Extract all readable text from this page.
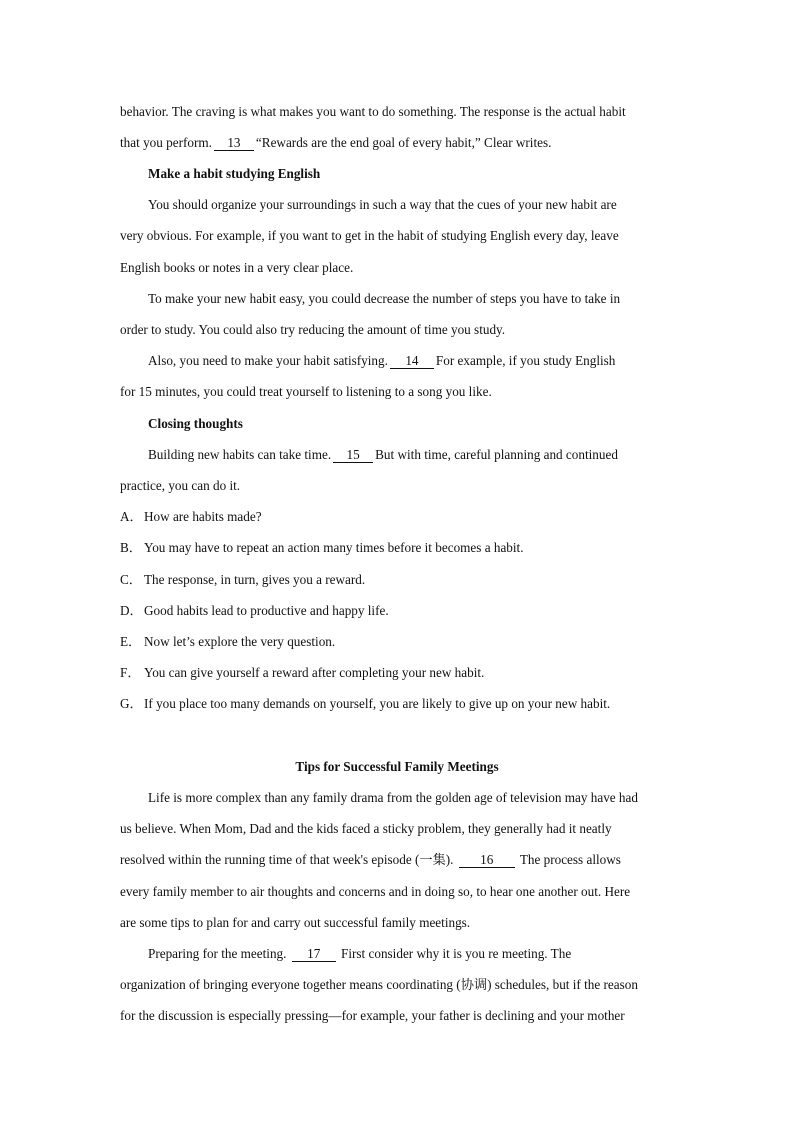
behavior. The craving is what makes you want to do something. The response is the actual habit
that you perform. 13 “Rewards are the end goal of every habit,” Clear writes.
Make a habit studying English
You should organize your surroundings in such a way that the cues of your new habit are
very obvious. For example, if you want to get in the habit of studying English every day, leave
English books or notes in a very clear place.
To make your new habit easy, you could decrease the number of steps you have to take in
order to study. You could also try reducing the amount of time you study.
Also, you need to make your habit satisfying. 14 For example, if you study English
for 15 minutes, you could treat yourself to listening to a song you like.
Closing thoughts
Building new habits can take time. 15 But with time, careful planning and continued
practice, you can do it.
A．How are habits made?
B． You may have to repeat an action many times before it becomes a habit.
C． The response, in turn, gives you a reward.
D．Good habits lead to productive and happy life.
E． Now let’s explore the very question.
F． You can give yourself a reward after completing your new habit.
G．If you place too many demands on yourself, you are likely to give up on your new habit.
Tips for Successful Family Meetings
Life is more complex than any family drama from the golden age of television may have had
us believe. When Mom, Dad and the kids faced a sticky problem, they generally had it neatly
resolved within the running time of that week's episode (一集). 16 The process allows
every family member to air thoughts and concerns and in doing so, to hear one another out. Here
are some tips to plan for and carry out successful family meetings.
Preparing for the meeting. 17 First consider why it is you re meeting. The
organization of bringing everyone together means coordinating (协调) schedules, but if the reason
for the discussion is especially pressing—for example, your father is declining and your mother
